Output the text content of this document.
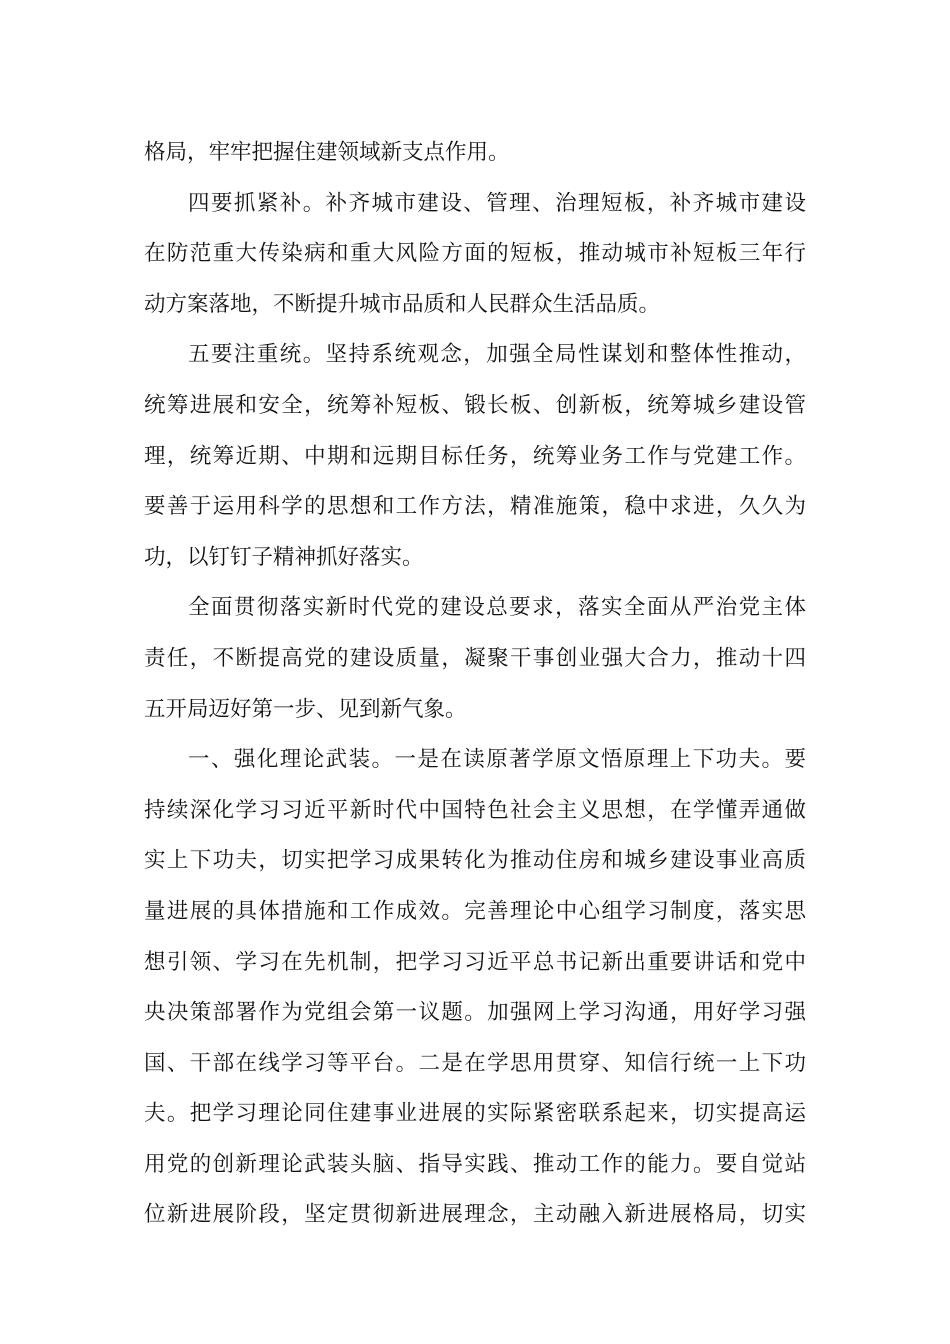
格局，牢牢把握住建领域新支点作用。
四要抓紧补。补齐城市建设、管理、治理短板，补齐城市建设
在防范重大传染病和重大风险方面的短板，推动城市补短板三年行
动方案落地，不断提升城市品质和人民群众生活品质。
五要注重统。坚持系统观念，加强全局性谋划和整体性推动，
统筹进展和安全，统筹补短板、锻长板、创新板，统筹城乡建设管
理，统筹近期、中期和远期目标任务，统筹业务工作与党建工作。
要善于运用科学的思想和工作方法，精准施策，稳中求进，久久为
功，以钉钉子精神抓好落实。
全面贯彻落实新时代党的建设总要求，落实全面从严治党主体
责任，不断提高党的建设质量，凝聚干事创业强大合力，推动十四
五开局迈好第一步、见到新气象。
一、强化理论武装。一是在读原著学原文悟原理上下功夫。要
持续深化学习习近平新时代中国特色社会主义思想，在学懂弄通做
实上下功夫，切实把学习成果转化为推动住房和城乡建设事业高质
量进展的具体措施和工作成效。完善理论中心组学习制度，落实思
想引领、学习在先机制，把学习习近平总书记新出重要讲话和党中
央决策部署作为党组会第一议题。加强网上学习沟通，用好学习强
国、干部在线学习等平台。二是在学思用贯穿、知信行统一上下功
夫。把学习理论同住建事业进展的实际紧密联系起来，切实提高运
用党的创新理论武装头脑、指导实践、推动工作的能力。要自觉站
位新进展阶段，坚定贯彻新进展理念，主动融入新进展格局，切实
